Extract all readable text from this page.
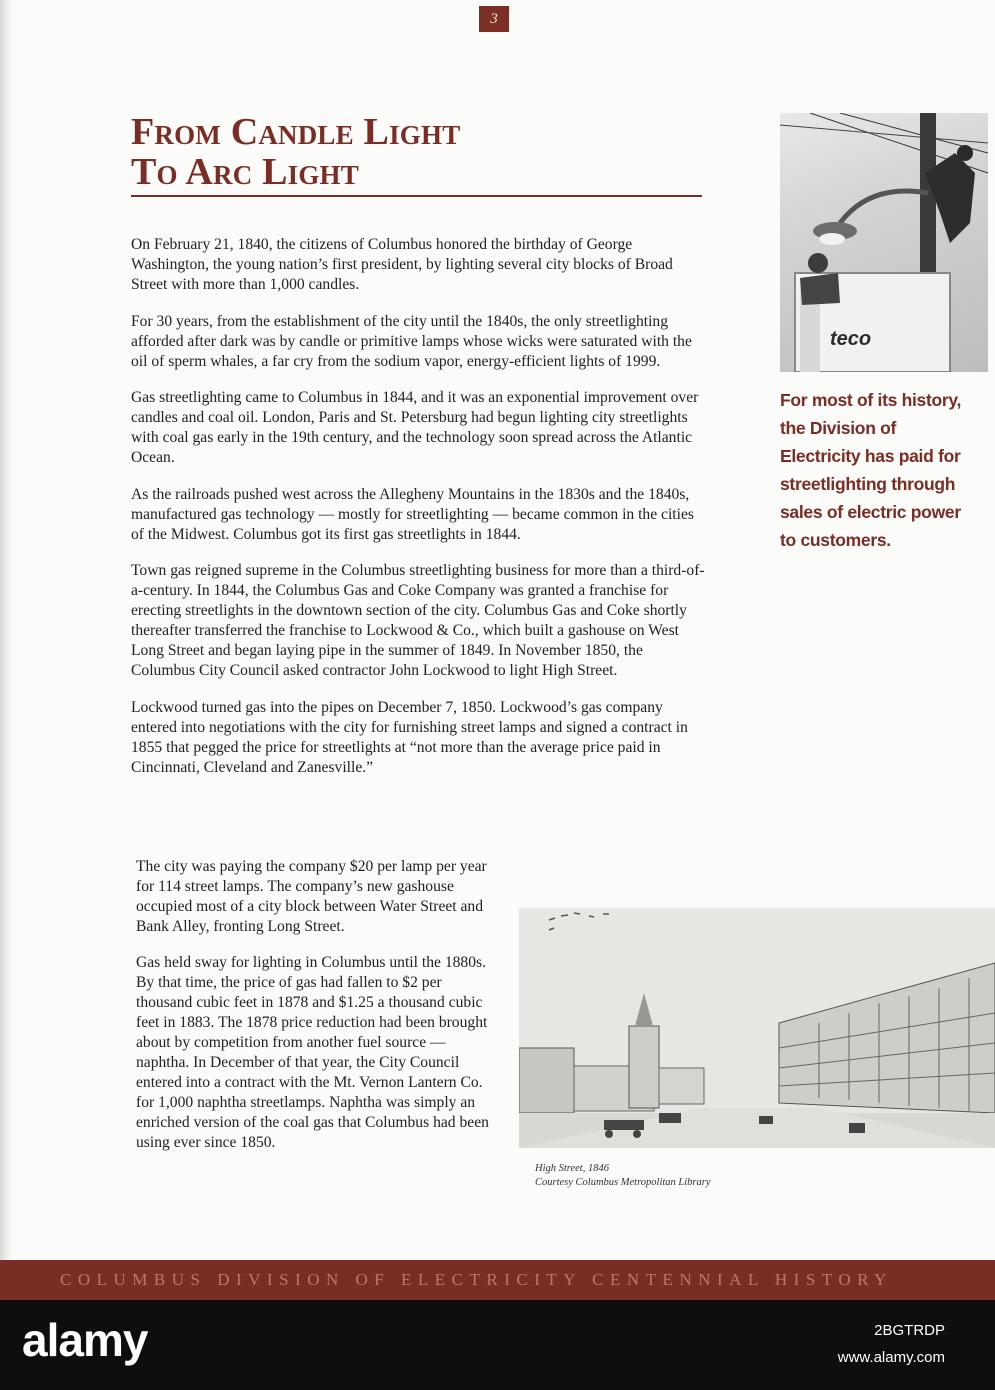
3
From Candle Light
To Arc Light

On February 21, 1840, the citizens of Columbus honored the birthday of George Washington, the young nation’s first president, by lighting several city blocks of Broad Street with more than 1,000 candles.

For 30 years, from the establishment of the city until the 1840s, the only streetlighting afforded after dark was by candle or primitive lamps whose wicks were saturated with the oil of sperm whales, a far cry from the sodium vapor, energy-efficient lights of 1999.

Gas streetlighting came to Columbus in 1844, and it was an exponential improvement over candles and coal oil. London, Paris and St. Petersburg had begun lighting city streetlights with coal gas early in the 19th century, and the technology soon spread across the Atlantic Ocean.

As the railroads pushed west across the Allegheny Mountains in the 1830s and the 1840s, manufactured gas technology — mostly for streetlighting — became common in the cities of the Midwest. Columbus got its first gas streetlights in 1844.

Town gas reigned supreme in the Columbus streetlighting business for more than a third-of-a-century. In 1844, the Columbus Gas and Coke Company was granted a franchise for erecting streetlights in the downtown section of the city. Columbus Gas and Coke shortly thereafter transferred the franchise to Lockwood & Co., which built a gashouse on West Long Street and began laying pipe in the summer of 1849. In November 1850, the Columbus City Council asked contractor John Lockwood to light High Street.

Lockwood turned gas into the pipes on December 7, 1850. Lockwood’s gas company entered into negotiations with the city for furnishing street lamps and signed a contract in 1855 that pegged the price for streetlights at “not more than the average price paid in Cincinnati, Cleveland and Zanesville.”

The city was paying the company $20 per lamp per year for 114 street lamps. The company’s new gashouse occupied most of a city block between Water Street and Bank Alley, fronting Long Street.

Gas held sway for lighting in Columbus until the 1880s. By that time, the price of gas had fallen to $2 per thousand cubic feet in 1878 and $1.25 a thousand cubic feet in 1883. The 1878 price reduction had been brought about by competition from another fuel source — naphtha. In December of that year, the City Council entered into a contract with the Mt. Vernon Lantern Co. for 1,000 naphtha streetlamps. Naphtha was simply an enriched version of the coal gas that Columbus had been using ever since 1850.

teco
For most of its history, the Division of Electricity has paid for streetlighting through sales of electric power to customers.
High Street, 1846
Courtesy Columbus Metropolitan Library
COLUMBUS DIVISION OF ELECTRICITY CENTENNIAL HISTORY
alamy	2BGTRDP
www.alamy.com
